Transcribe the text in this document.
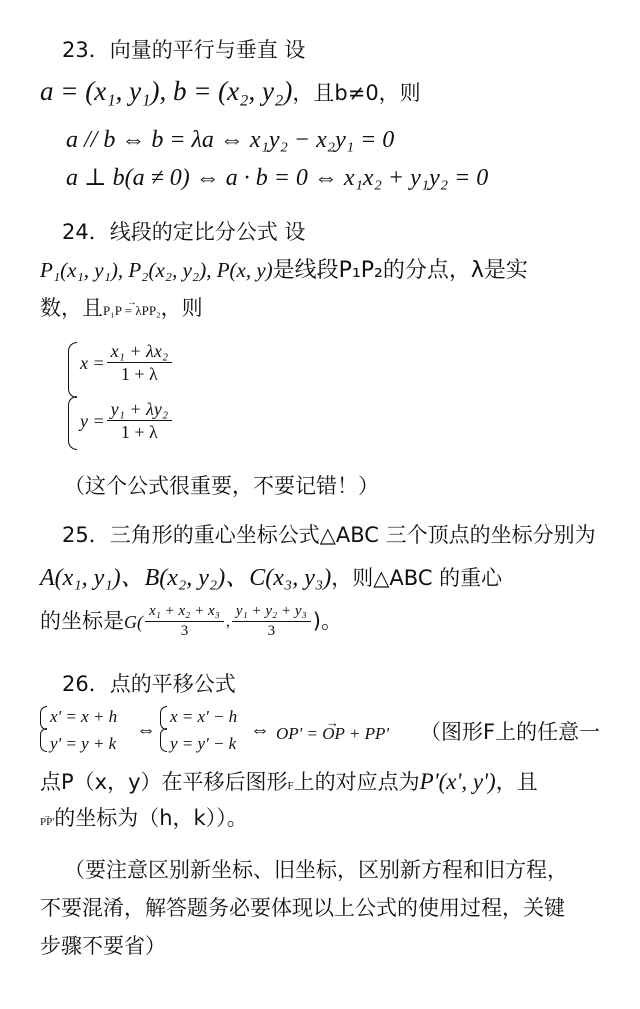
23．向量的平行与垂直 设
a = (x₁, y₁), b = (x₂, y₂)，且b≠0，则
a // b ⇔ b = λa ⇔ x₁y₂ − x₂y₁ = 0
a ⊥ b(a ≠ 0) ⇔ a · b = 0 ⇔ x₁x₂ + y₁y₂ = 0
24．线段的定比分公式 设
P₁(x₁, y₁), P₂(x₂, y₂), P(x, y)是线段P₁P₂的分点，λ是实
数，且→ P₁P = λPP₂，则
$x = \frac{\text{x₁ + λx₂}}{1 + \lambda}$
$y = \frac{\text{y₁ + λy₂}}{1 + \lambda}$
（这个公式很重要，不要记错！）
25．三角形的重心坐标公式△ABC 三个顶点的坐标分别为
A(x₁, y₁)、B(x₂, y₂)、C(x₃, y₃)，则△ABC 的重心
的坐标是 $G( \frac{\text{x₁ + x₂ + x₃}}{3}$ , $\frac{\text{y₁ + y₂ + y₃}}{3}$ )。
26．点的平移公式
x' = x + h
y' = y + k
⇔
x = x' − h
y = y' − k
⇔
→ OP' = OP + PP' （图形F上的任意一
点P（x，y）在平移后图形F上的对应点为P'(x', y')，且
→ PP'的坐标为（h，k））。
（要注意区别新坐标、旧坐标，区别新方程和旧方程，
不要混淆，解答题务必要体现以上公式的使用过程，关键
步骤不要省）
